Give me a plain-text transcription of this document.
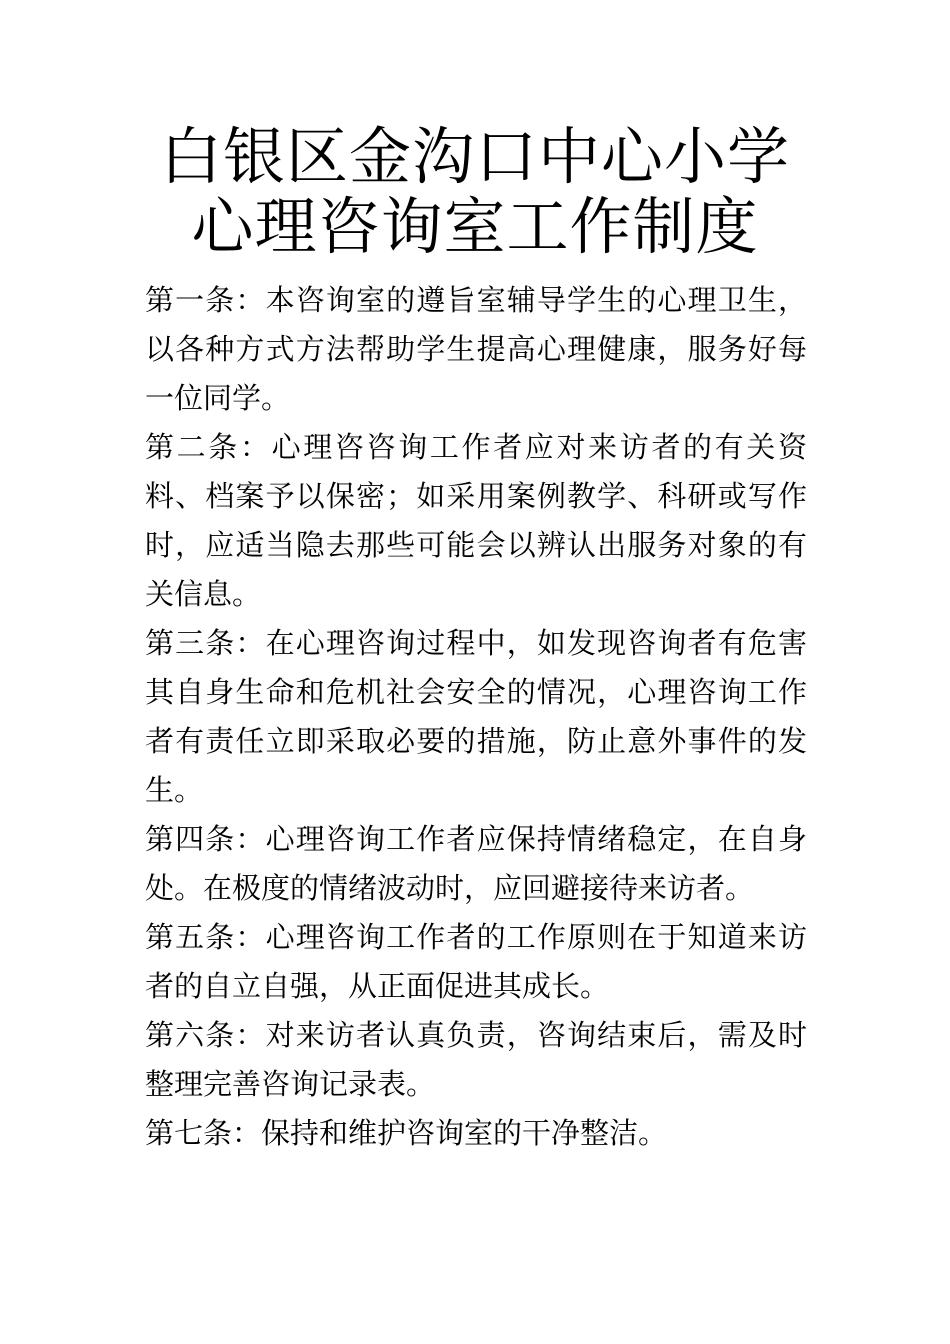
白银区金沟口中心小学
心理咨询室工作制度

第一条：本咨询室的遵旨室辅导学生的心理卫生，以各种方式方法帮助学生提高心理健康，服务好每一位同学。

第二条：心理咨咨询工作者应对来访者的有关资料、档案予以保密；如采用案例教学、科研或写作时，应适当隐去那些可能会以辨认出服务对象的有关信息。

第三条：在心理咨询过程中，如发现咨询者有危害其自身生命和危机社会安全的情况，心理咨询工作者有责任立即采取必要的措施，防止意外事件的发生。

第四条：心理咨询工作者应保持情绪稳定，在自身处。在极度的情绪波动时，应回避接待来访者。

第五条：心理咨询工作者的工作原则在于知道来访者的自立自强，从正面促进其成长。

第六条：对来访者认真负责，咨询结束后，需及时整理完善咨询记录表。

第七条：保持和维护咨询室的干净整洁。
